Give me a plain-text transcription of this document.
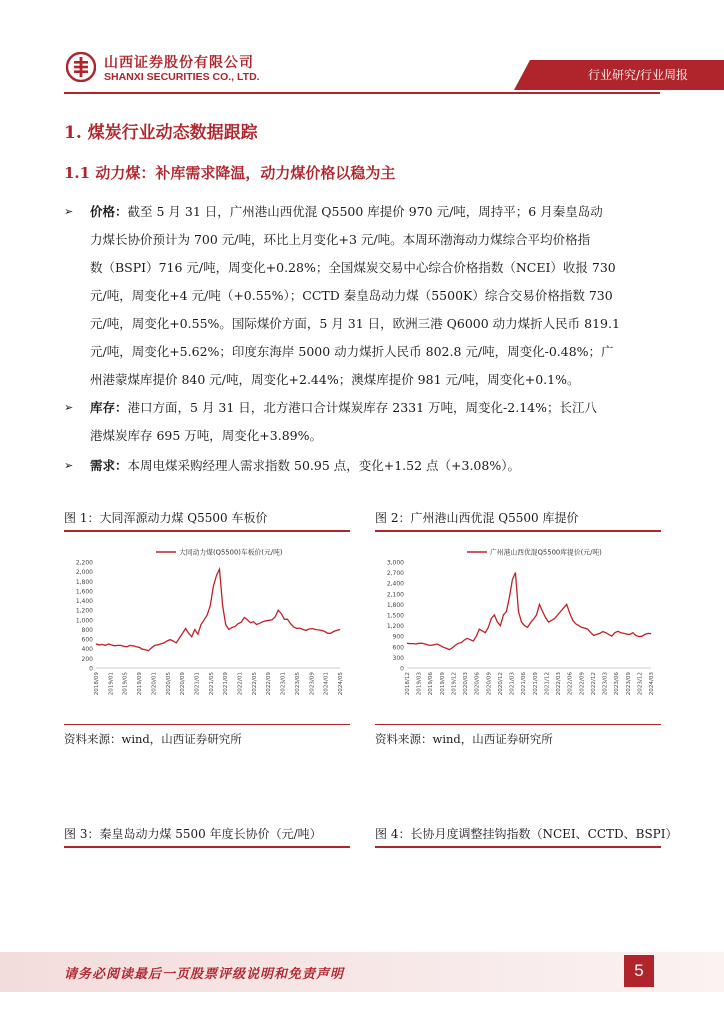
山西证券股份有限公司
SHANXI SECURITIES CO., LTD.	行业研究/行业周报
1. 煤炭行业动态数据跟踪
1.1 动力煤：补库需求降温，动力煤价格以稳为主
➢	价格：截至 5 月 31 日，广州港山西优混 Q5500 库提价 970 元/吨，周持平；6 月秦皇岛动
力煤长协价预计为 700 元/吨，环比上月变化+3 元/吨。本周环渤海动力煤综合平均价格指
数（BSPI）716 元/吨，周变化+0.28%；全国煤炭交易中心综合价格指数（NCEI）收报 730
元/吨，周变化+4 元/吨（+0.55%）；CCTD 秦皇岛动力煤（5500K）综合交易价格指数 730
元/吨，周变化+0.55%。国际煤价方面，5 月 31 日，欧洲三港 Q6000 动力煤折人民币 819.1
元/吨，周变化+5.62%；印度东海岸 5000 动力煤折人民币 802.8 元/吨，周变化-0.48%；广
州港蒙煤库提价 840 元/吨，周变化+2.44%；澳煤库提价 981 元/吨，周变化+0.1%。
➢	库存：港口方面，5 月 31 日，北方港口合计煤炭库存 2331 万吨，周变化-2.14%；长江八
港煤炭库存 695 万吨，周变化+3.89%。
➢	需求：本周电煤采购经理人需求指数 50.95 点，变化+1.52 点（+3.08%）。
图 1：大同浑源动力煤 Q5500 车板价	图 2：广州港山西优混 Q5500 库提价
0
200
400
600
800
1,000
1,200
1,400
1,600
1,800
2,000
2,200
2018/09 2019/01 2019/05 2019/09 2020/01 2020/05 2020/09 2021/01 2021/05 2021/09 2022/01 2022/05 2022/09 2023/01 2023/05 2023/09 2024/01 2024/05
大同动力煤(Q5500)车板价(元/吨)
0
300
600
900
1,200
1,500
1,800
2,100
2,400
2,700
3,000
2018/12 2019/03 2019/06 2019/09 2019/12 2020/03 2020/06 2020/09 2020/12 2021/03 2021/06 2021/09 2021/12 2022/03 2022/06 2022/09 2022/12 2023/03 2023/06 2023/09 2023/12 2024/03
广州港山西优混Q5500库提价(元/吨)
资料来源：wind，山西证券研究所	资料来源：wind，山西证券研究所
图 3：秦皇岛动力煤 5500 年度长协价（元/吨）	图 4：长协月度调整挂钩指数（NCEI、CCTD、BSPI）
请务必阅读最后一页股票评级说明和免责声明	5
